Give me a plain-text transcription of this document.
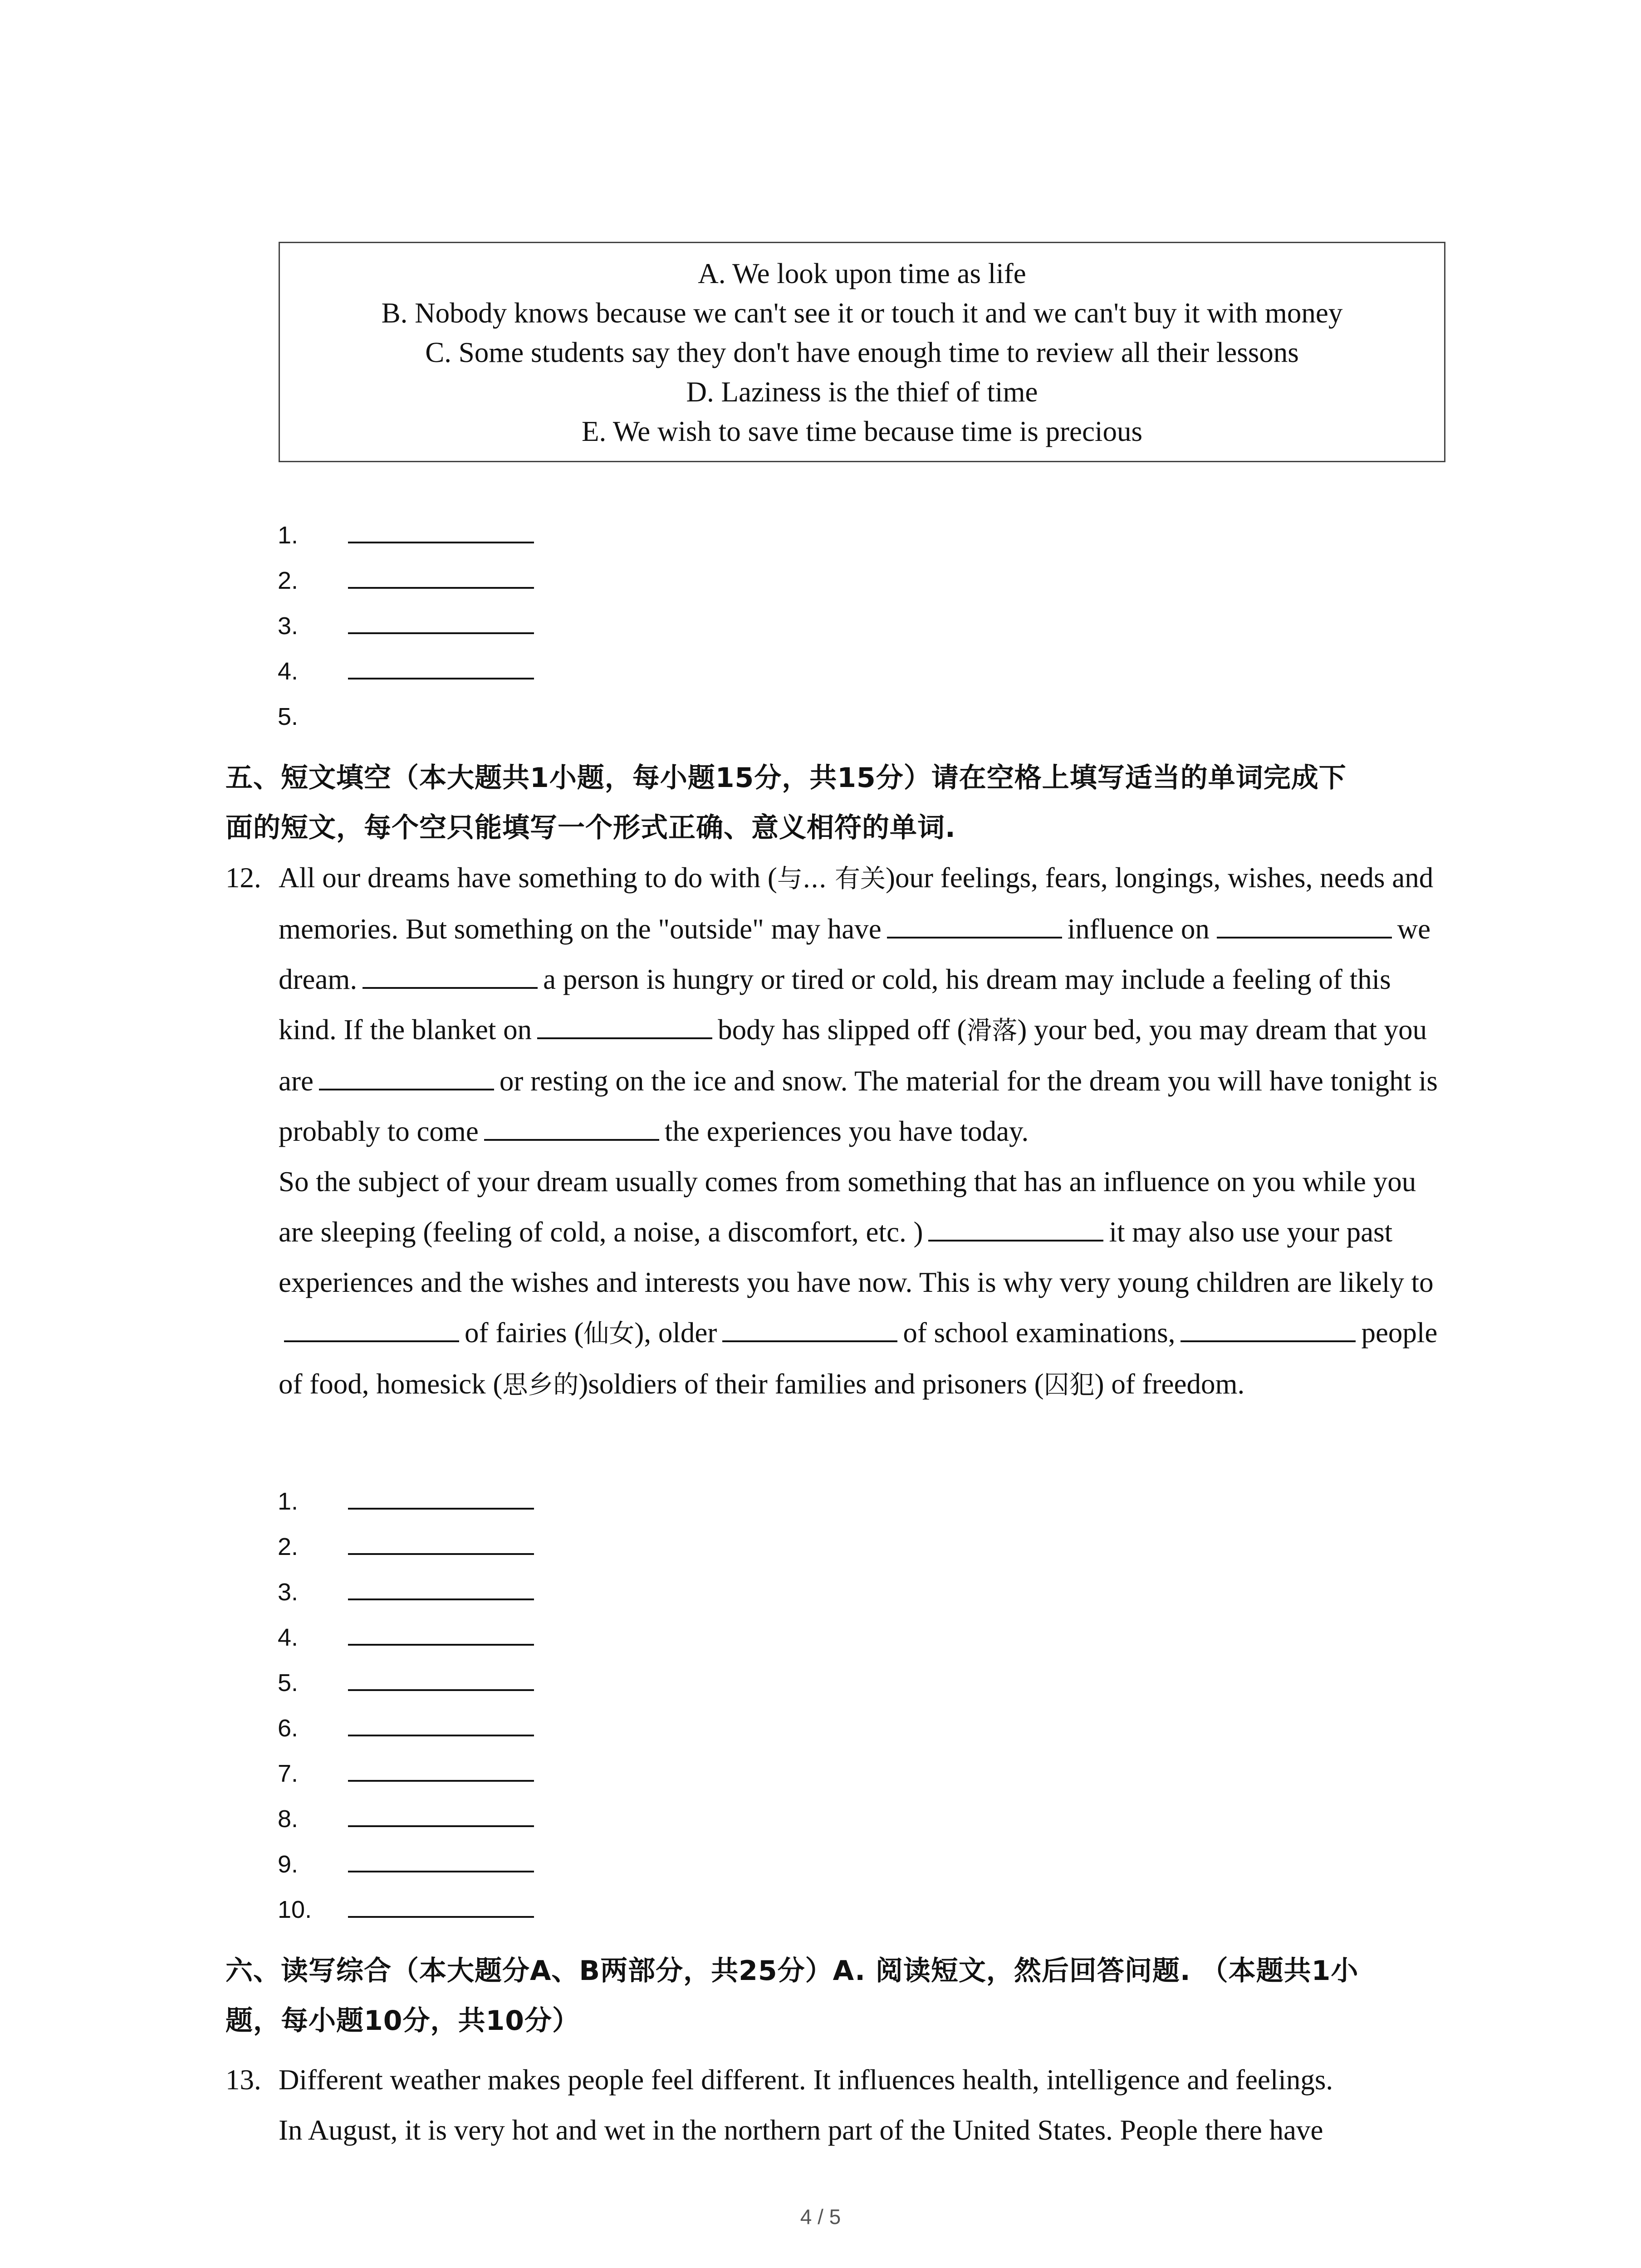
A. We look upon time as life
B. Nobody knows because we can't see it or touch it and we can't buy it with money
C. Some students say they don't have enough time to review all their lessons
D. Laziness is the thief of time
E. We wish to save time because time is precious
1.
2.
3.
4.
5.
五、短文填空（本大题共1小题，每小题15分，共15分）请在空格上填写适当的单词完成下
面的短文，每个空只能填写一个形式正确、意义相符的单词.
12. All our dreams have something to do with (与... 有关)our feelings, fears, longings, wishes, needs and memories. But something on the "outside" may have	influence on	we dream.	a person is hungry or tired or cold, his dream may include a feeling of this kind. If the blanket on	body has slipped off (滑落) your bed, you may dream that you are	or resting on the ice and snow. The material for the dream you will have tonight is probably to come	the experiences you have today.

So the subject of your dream usually comes from something that has an influence on you while you are sleeping (feeling of cold, a noise, a discomfort, etc. )	it may also use your past experiences and the wishes and interests you have now. This is why very young children are likely toof fairies (仙女), older	of school examinations,	people of food, homesick (思乡的)soldiers of their families and prisoners (囚犯) of freedom.

1.
2.
3.
4.
5.
6.
7.
8.
9.
10.
六、读写综合（本大题分A、B两部分，共25分）A. 阅读短文，然后回答问题. （本题共1小
题，每小题10分，共10分）
13. Different weather makes people feel different. It influences health, intelligence and feelings.

In August, it is very hot and wet in the northern part of the United States. People there have

4 / 5
